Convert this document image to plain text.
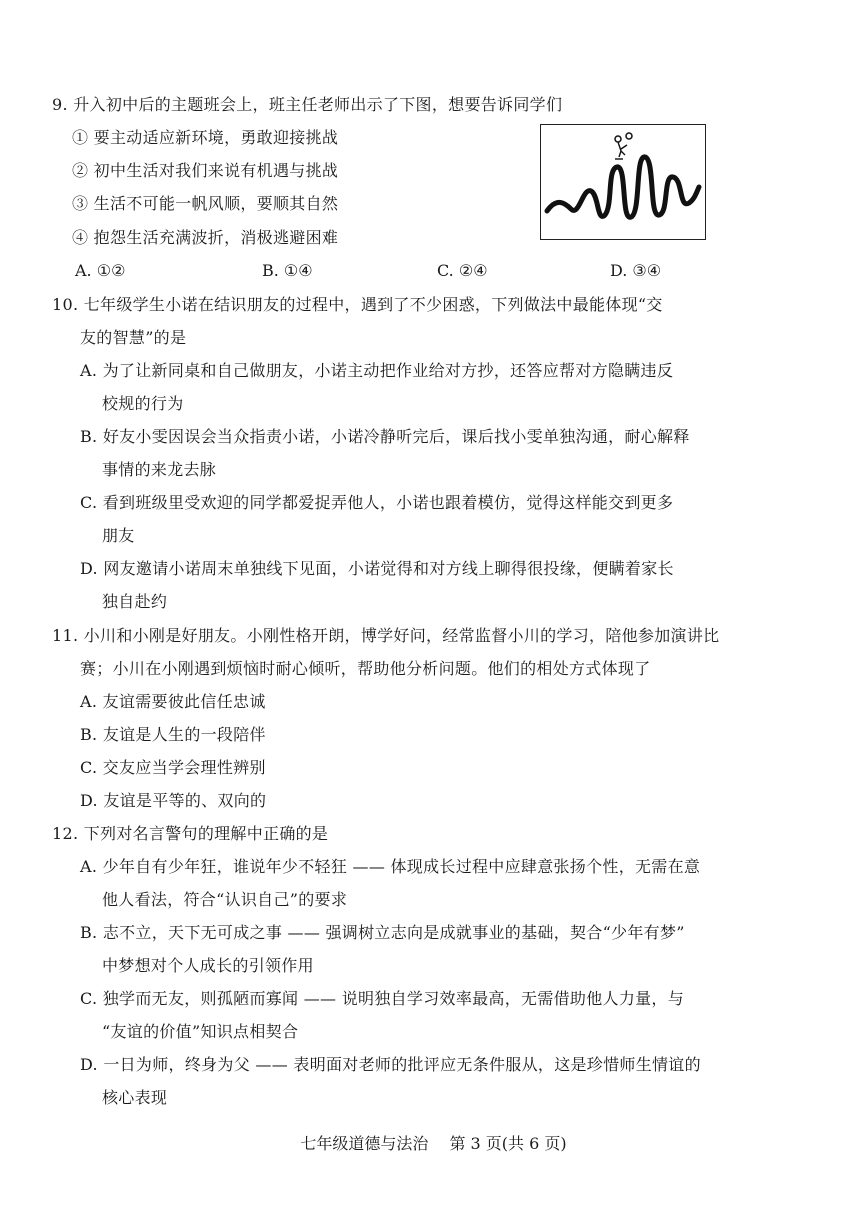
9. 升入初中后的主题班会上，班主任老师出示了下图，想要告诉同学们
① 要主动适应新环境，勇敢迎接挑战
② 初中生活对我们来说有机遇与挑战
③ 生活不可能一帆风顺，要顺其自然
④ 抱怨生活充满波折，消极逃避困难
A. ①②	B. ①④	C. ②④	D. ③④
10. 七年级学生小诺在结识朋友的过程中，遇到了不少困惑，下列做法中最能体现“交
友的智慧”的是
A. 为了让新同桌和自己做朋友，小诺主动把作业给对方抄，还答应帮对方隐瞒违反
校规的行为
B. 好友小雯因误会当众指责小诺，小诺冷静听完后，课后找小雯单独沟通，耐心解释
事情的来龙去脉
C. 看到班级里受欢迎的同学都爱捉弄他人，小诺也跟着模仿，觉得这样能交到更多
朋友
D. 网友邀请小诺周末单独线下见面，小诺觉得和对方线上聊得很投缘，便瞒着家长
独自赴约
11. 小川和小刚是好朋友。小刚性格开朗，博学好问，经常监督小川的学习，陪他参加演讲比
赛；小川在小刚遇到烦恼时耐心倾听，帮助他分析问题。他们的相处方式体现了
A. 友谊需要彼此信任忠诚
B. 友谊是人生的一段陪伴
C. 交友应当学会理性辨别
D. 友谊是平等的、双向的
12. 下列对名言警句的理解中正确的是
A. 少年自有少年狂，谁说年少不轻狂 —— 体现成长过程中应肆意张扬个性，无需在意
他人看法，符合“认识自己”的要求
B. 志不立，天下无可成之事 —— 强调树立志向是成就事业的基础，契合“少年有梦”
中梦想对个人成长的引领作用
C. 独学而无友，则孤陋而寡闻 —— 说明独自学习效率最高，无需借助他人力量，与
“友谊的价值”知识点相契合
D. 一日为师，终身为父 —— 表明面对老师的批评应无条件服从，这是珍惜师生情谊的
核心表现
七年级道德与法治 第 3 页(共 6 页)
